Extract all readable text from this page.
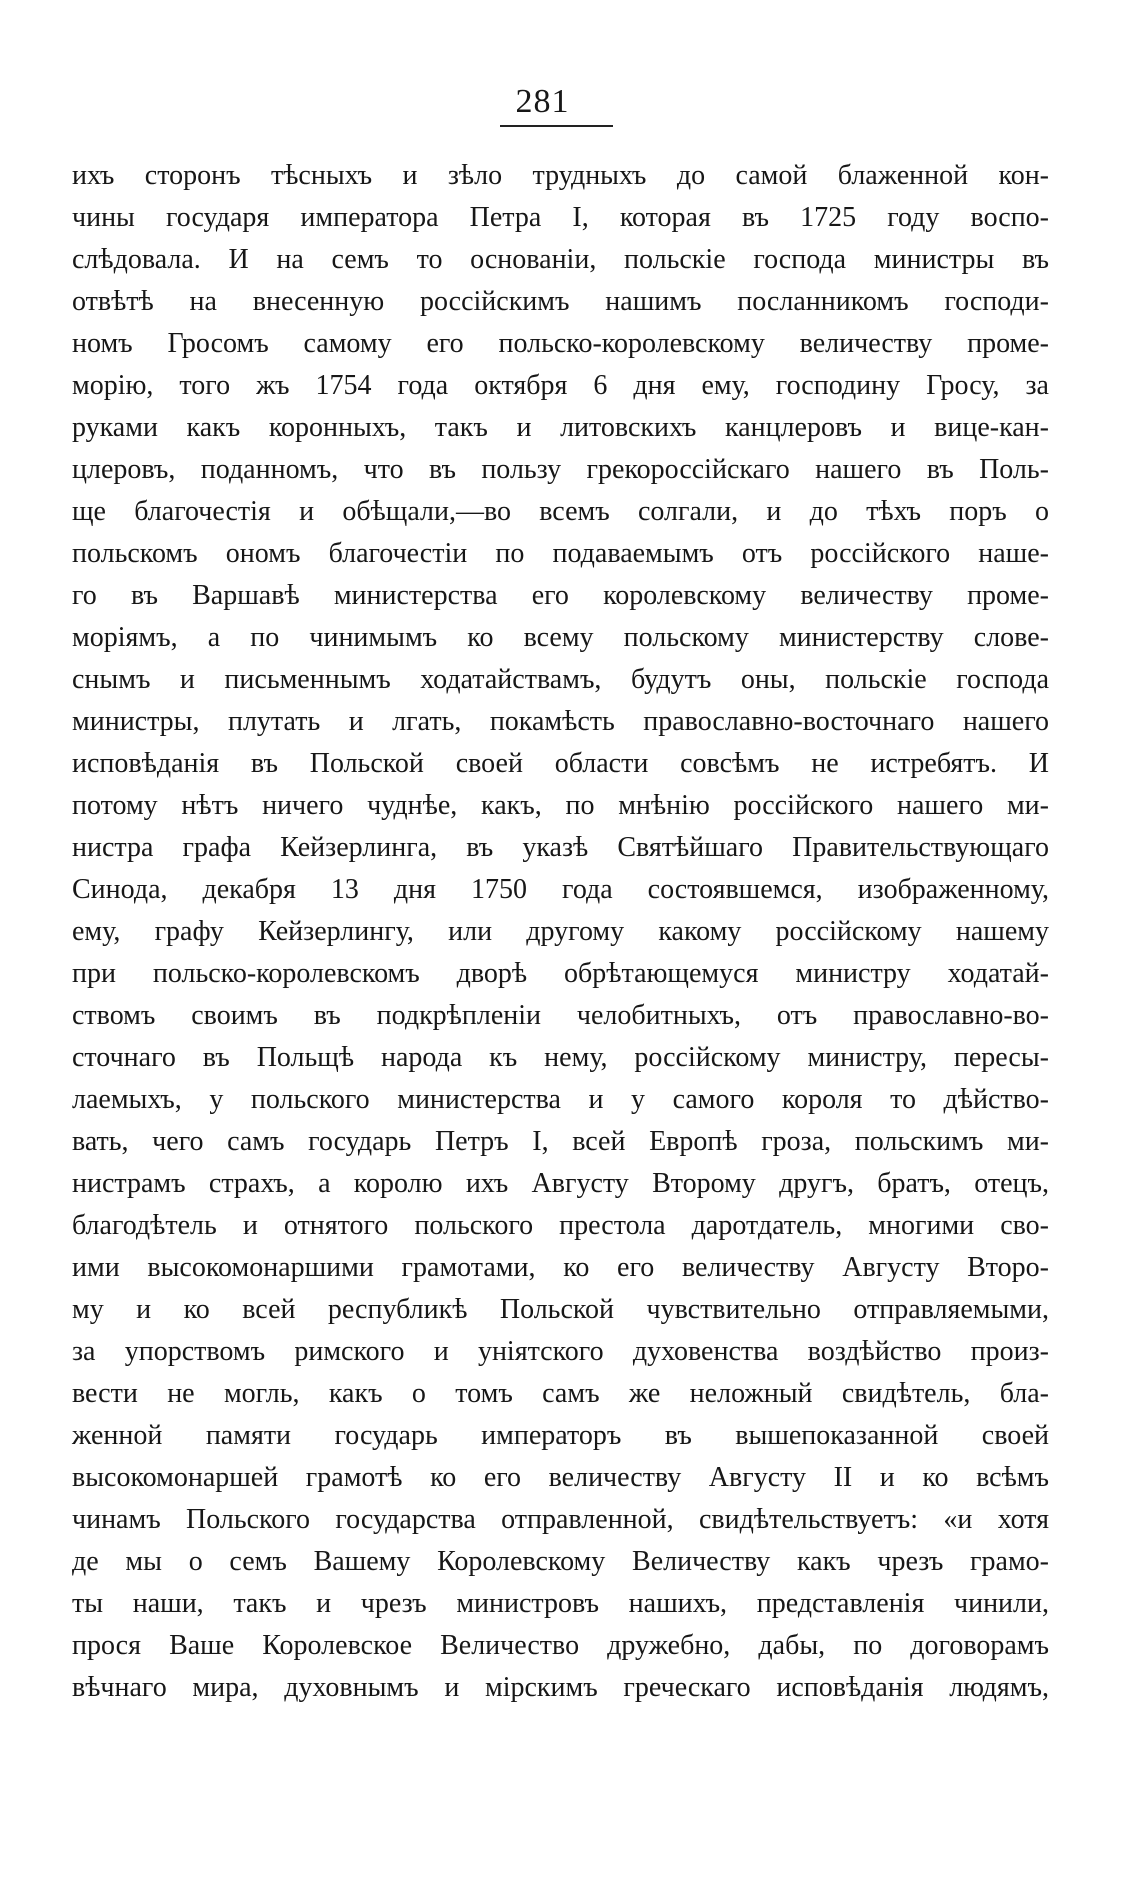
281

ихъ сторонъ тѣсныхъ и зѣло трудныхъ до самой блаженной кон-

чины государя императора Петра I, которая въ 1725 году воспо-

слѣдовала. И на семъ то основаніи, польскіе господа министры въ

отвѣтѣ на внесенную россійскимъ нашимъ посланникомъ господи-

номъ Гросомъ самому его польско-королевскому величеству проме-

морію, того жъ 1754 года октября 6 дня ему, господину Гросу, за

руками какъ коронныхъ, такъ и литовскихъ канцлеровъ и вице-кан-

цлеровъ, поданномъ, что въ пользу грекороссійскаго нашего въ Поль-

ще благочестія и обѣщали,—во всемъ солгали, и до тѣхъ поръ о

польскомъ ономъ благочестіи по подаваемымъ отъ россійского наше-

го въ Варшавѣ министерства его королевскому величеству проме-

моріямъ, а по чинимымъ ко всему польскому министерству слове-

снымъ и письменнымъ ходатайствамъ, будутъ оны, польскіе господа

министры, плутать и лгать, покамѣсть православно-восточнаго нашего

исповѣданія въ Польской своей области совсѣмъ не истребятъ. И

потому нѣтъ ничего чуднѣе, какъ, по мнѣнію россійского нашего ми-

нистра графа Кейзерлинга, въ указѣ Святѣйшаго Правительствующаго

Синода, декабря 13 дня 1750 года состоявшемся, изображенному,

ему, графу Кейзерлингу, или другому какому россійскому нашему

при польско-королевскомъ дворѣ обрѣтающемуся министру ходатай-

ствомъ своимъ въ подкрѣпленіи челобитныхъ, отъ православно-во-

сточнаго въ Польщѣ народа къ нему, россійскому министру, пересы-

лаемыхъ, у польского министерства и у самого короля то дѣйство-

вать, чего самъ государь Петръ I, всей Европѣ гроза, польскимъ ми-

нистрамъ страхъ, а королю ихъ Августу Второму другъ, братъ, отецъ,

благодѣтель и отнятого польского престола даротдатель, многими сво-

ими высокомонаршими грамотами, ко его величеству Августу Второ-

му и ко всей республикѣ Польской чувствительно отправляемыми,

за упорствомъ римского и уніятского духовенства воздѣйство произ-

вести не могль, какъ о томъ самъ же неложный свидѣтель, бла-

женной памяти государь императоръ въ вышепоказанной своей

высокомонаршей грамотѣ ко его величеству Августу II и ко всѣмъ

чинамъ Польского государства отправленной, свидѣтельствуетъ: «и хотя

де мы о семъ Вашему Королевскому Величеству какъ чрезъ грамо-

ты наши, такъ и чрезъ министровъ нашихъ, представленія чинили,

прося Ваше Королевское Величество дружебно, дабы, по договорамъ

вѣчнаго мира, духовнымъ и мірскимъ греческаго исповѣданія людямъ,
